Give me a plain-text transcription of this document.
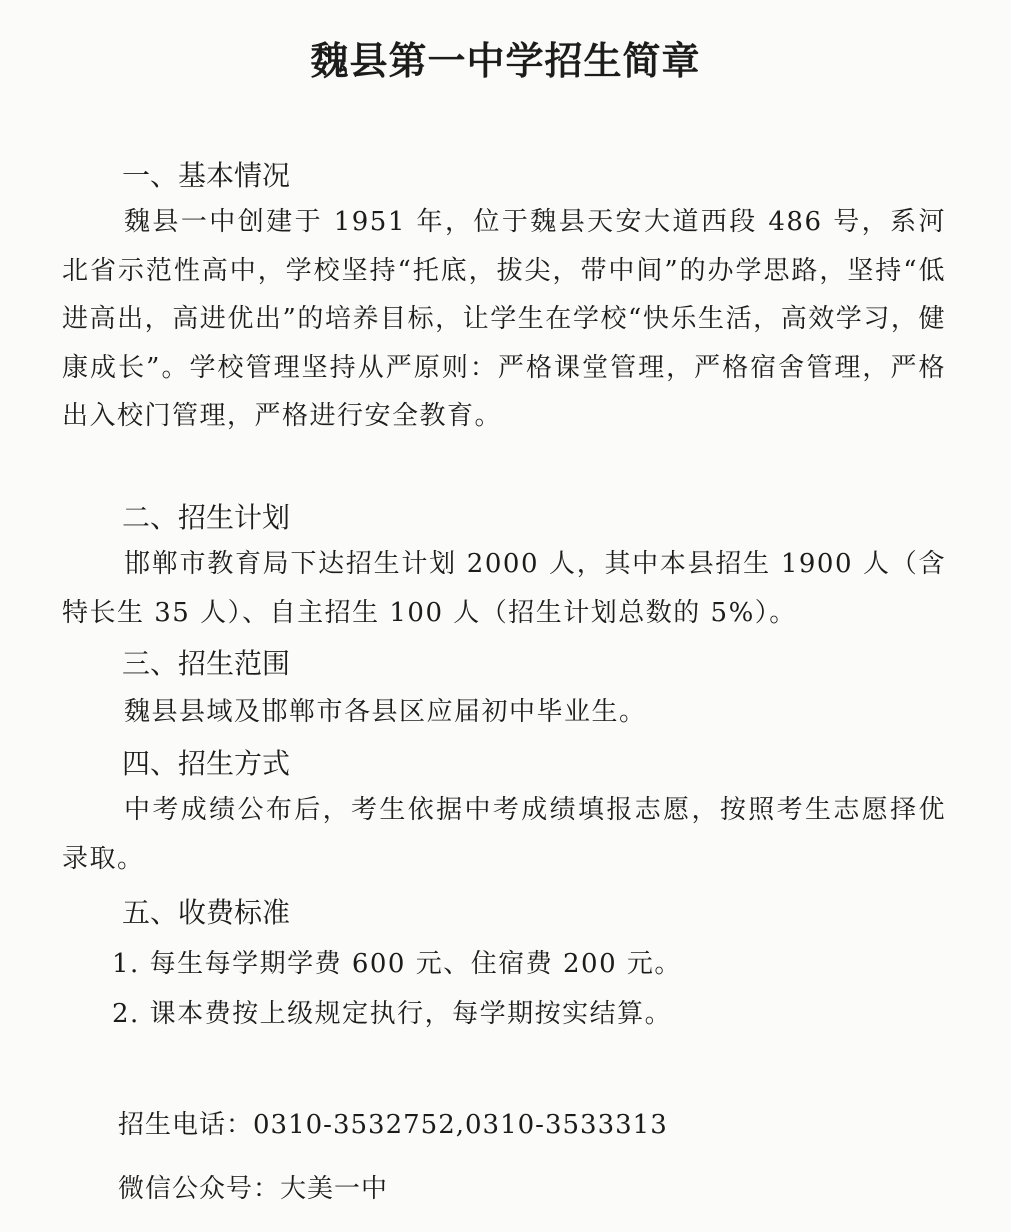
魏县第一中学招生简章
一、基本情况
魏县一中创建于 1951 年，位于魏县天安大道西段 486 号，系河北省示范性高中，学校坚持“托底，拔尖，带中间”的办学思路，坚持“低进高出，高进优出”的培养目标，让学生在学校“快乐生活，高效学习，健康成长”。学校管理坚持从严原则：严格课堂管理，严格宿舍管理，严格出入校门管理，严格进行安全教育。
二、招生计划
邯郸市教育局下达招生计划 2000 人，其中本县招生 1900 人（含特长生 35 人）、自主招生 100 人（招生计划总数的 5%）。
三、招生范围
魏县县域及邯郸市各县区应届初中毕业生。
四、招生方式
中考成绩公布后，考生依据中考成绩填报志愿，按照考生志愿择优录取。
五、收费标准
1. 每生每学期学费 600 元、住宿费 200 元。
2. 课本费按上级规定执行，每学期按实结算。
招生电话：0310-3532752,0310-3533313
微信公众号：大美一中
